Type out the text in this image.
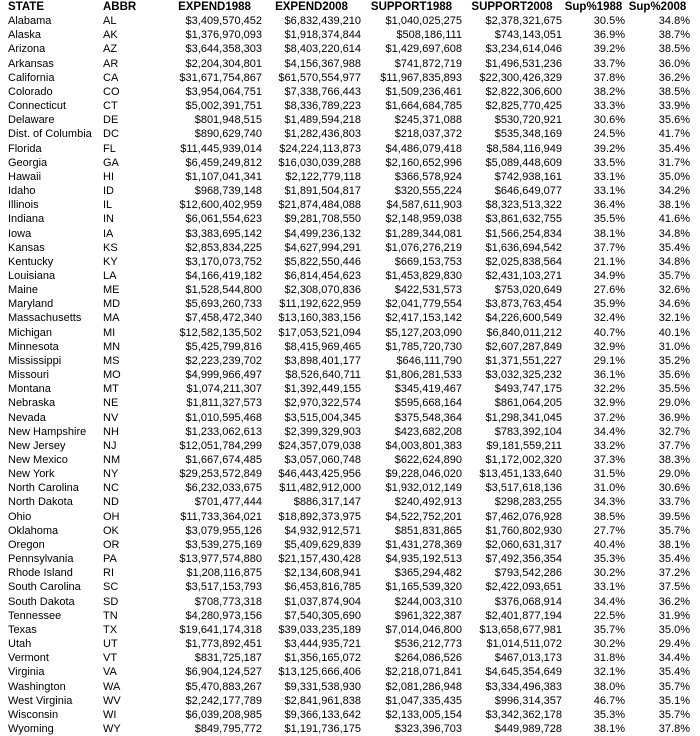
STATE	ABBR	EXPEND1988	EXPEND2008	SUPPORT1988	SUPPORT2008	Sup%1988	Sup%2008
Alabama	AL	$3,409,570,452	$6,832,439,210	$1,040,025,275	$2,378,321,675	30.5%	34.8%
Alaska	AK	$1,376,970,093	$1,918,374,844	$508,186,111	$743,143,051	36.9%	38.7%
Arizona	AZ	$3,644,358,303	$8,403,220,614	$1,429,697,608	$3,234,614,046	39.2%	38.5%
Arkansas	AR	$2,204,304,801	$4,156,367,988	$741,872,719	$1,496,531,236	33.7%	36.0%
California	CA	$31,671,754,867	$61,570,554,977	$11,967,835,893	$22,300,426,329	37.8%	36.2%
Colorado	CO	$3,954,064,751	$7,338,766,443	$1,509,236,461	$2,822,306,600	38.2%	38.5%
Connecticut	CT	$5,002,391,751	$8,336,789,223	$1,664,684,785	$2,825,770,425	33.3%	33.9%
Delaware	DE	$801,948,515	$1,489,594,218	$245,371,088	$530,720,921	30.6%	35.6%
Dist. of Columbia	DC	$890,629,740	$1,282,436,803	$218,037,372	$535,348,169	24.5%	41.7%
Florida	FL	$11,445,939,014	$24,224,113,873	$4,486,079,418	$8,584,116,949	39.2%	35.4%
Georgia	GA	$6,459,249,812	$16,030,039,288	$2,160,652,996	$5,089,448,609	33.5%	31.7%
Hawaii	HI	$1,107,041,341	$2,122,779,118	$366,578,924	$742,938,161	33.1%	35.0%
Idaho	ID	$968,739,148	$1,891,504,817	$320,555,224	$646,649,077	33.1%	34.2%
Illinois	IL	$12,600,402,959	$21,874,484,088	$4,587,611,903	$8,323,513,322	36.4%	38.1%
Indiana	IN	$6,061,554,623	$9,281,708,550	$2,148,959,038	$3,861,632,755	35.5%	41.6%
Iowa	IA	$3,383,695,142	$4,499,236,132	$1,289,344,081	$1,566,254,834	38.1%	34.8%
Kansas	KS	$2,853,834,225	$4,627,994,291	$1,076,276,219	$1,636,694,542	37.7%	35.4%
Kentucky	KY	$3,170,073,752	$5,822,550,446	$669,153,753	$2,025,838,564	21.1%	34.8%
Louisiana	LA	$4,166,419,182	$6,814,454,623	$1,453,829,830	$2,431,103,271	34.9%	35.7%
Maine	ME	$1,528,544,800	$2,308,070,836	$422,531,573	$753,020,649	27.6%	32.6%
Maryland	MD	$5,693,260,733	$11,192,622,959	$2,041,779,554	$3,873,763,454	35.9%	34.6%
Massachusetts	MA	$7,458,472,340	$13,160,383,156	$2,417,153,142	$4,226,600,549	32.4%	32.1%
Michigan	MI	$12,582,135,502	$17,053,521,094	$5,127,203,090	$6,840,011,212	40.7%	40.1%
Minnesota	MN	$5,425,799,816	$8,415,969,465	$1,785,720,730	$2,607,287,849	32.9%	31.0%
Mississippi	MS	$2,223,239,702	$3,898,401,177	$646,111,790	$1,371,551,227	29.1%	35.2%
Missouri	MO	$4,999,966,497	$8,526,640,711	$1,806,281,533	$3,032,325,232	36.1%	35.6%
Montana	MT	$1,074,211,307	$1,392,449,155	$345,419,467	$493,747,175	32.2%	35.5%
Nebraska	NE	$1,811,327,573	$2,970,322,574	$595,668,164	$861,064,205	32.9%	29.0%
Nevada	NV	$1,010,595,468	$3,515,004,345	$375,548,364	$1,298,341,045	37.2%	36.9%
New Hampshire	NH	$1,233,062,613	$2,399,329,903	$423,682,208	$783,392,104	34.4%	32.7%
New Jersey	NJ	$12,051,784,299	$24,357,079,038	$4,003,801,383	$9,181,559,211	33.2%	37.7%
New Mexico	NM	$1,667,674,485	$3,057,060,748	$622,624,890	$1,172,002,320	37.3%	38.3%
New York	NY	$29,253,572,849	$46,443,425,956	$9,228,046,020	$13,451,133,640	31.5%	29.0%
North Carolina	NC	$6,232,033,675	$11,482,912,000	$1,932,012,149	$3,517,618,136	31.0%	30.6%
North Dakota	ND	$701,477,444	$886,317,147	$240,492,913	$298,283,255	34.3%	33.7%
Ohio	OH	$11,733,364,021	$18,892,373,975	$4,522,752,201	$7,462,076,928	38.5%	39.5%
Oklahoma	OK	$3,079,955,126	$4,932,912,571	$851,831,865	$1,760,802,930	27.7%	35.7%
Oregon	OR	$3,539,275,169	$5,409,629,839	$1,431,278,369	$2,060,631,317	40.4%	38.1%
Pennsylvania	PA	$13,977,574,880	$21,157,430,428	$4,935,192,513	$7,492,356,354	35.3%	35.4%
Rhode Island	RI	$1,208,116,875	$2,134,608,941	$365,294,482	$793,542,286	30.2%	37.2%
South Carolina	SC	$3,517,153,793	$6,453,816,785	$1,165,539,320	$2,422,093,651	33.1%	37.5%
South Dakota	SD	$708,773,318	$1,037,874,904	$244,003,310	$376,068,914	34.4%	36.2%
Tennessee	TN	$4,280,973,156	$7,540,305,690	$961,322,387	$2,401,877,194	22.5%	31.9%
Texas	TX	$19,641,174,318	$39,033,235,189	$7,014,046,800	$13,658,677,981	35.7%	35.0%
Utah	UT	$1,773,892,451	$3,444,935,721	$536,212,773	$1,014,511,072	30.2%	29.4%
Vermont	VT	$831,725,187	$1,356,165,072	$264,086,526	$467,013,173	31.8%	34.4%
Virginia	VA	$6,904,124,527	$13,125,666,406	$2,218,071,841	$4,645,354,649	32.1%	35.4%
Washington	WA	$5,470,883,267	$9,331,538,930	$2,081,286,948	$3,334,496,383	38.0%	35.7%
West Virginia	WV	$2,242,177,789	$2,841,961,838	$1,047,335,435	$996,314,357	46.7%	35.1%
Wisconsin	WI	$6,039,208,985	$9,366,133,642	$2,133,005,154	$3,342,362,178	35.3%	35.7%
Wyoming	WY	$849,795,772	$1,191,736,175	$323,396,703	$449,989,728	38.1%	37.8%
